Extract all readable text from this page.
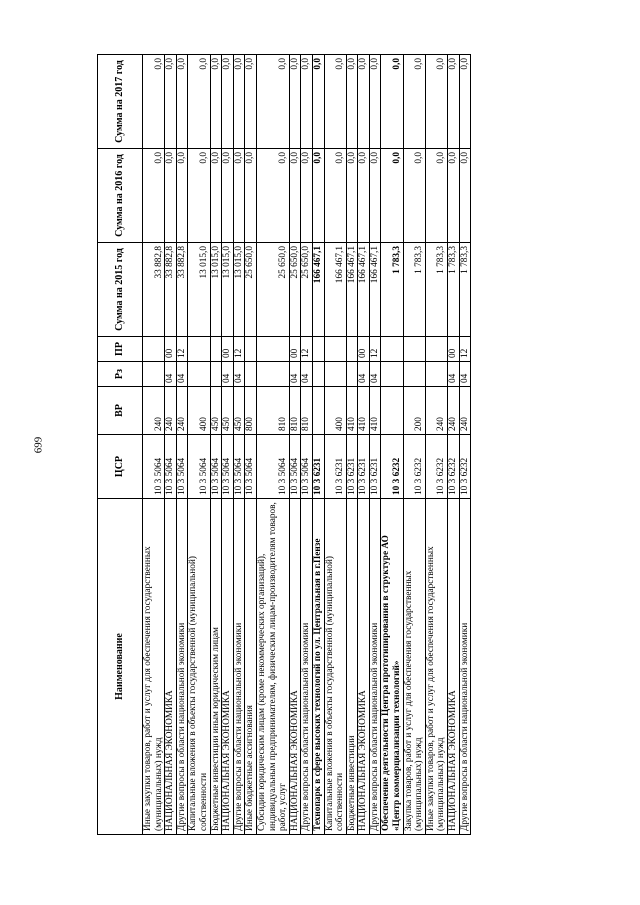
699
Наименование	ЦСР	ВР	Рз	ПР	Сумма на 2015 год	Сумма на 2016 год	Сумма на 2017 год
Иные закупки товаров, работ и услуг для обеспечения государственных (муниципальных) нужд	10 3 5064	240			33 882,8	0,0	0,0
НАЦИОНАЛЬНАЯ ЭКОНОМИКА	10 3 5064	240	04	00	33 882,8	0,0	0,0
Другие вопросы в области национальной экономики	10 3 5064	240	04	12	33 882,8	0,0	0,0
Капитальные вложения в объекты государственной (муниципальной) собственности	10 3 5064	400			13 015,0	0,0	0,0
Бюджетные инвестиции иным юридическим лицам	10 3 5064	450			13 015,0	0,0	0,0
НАЦИОНАЛЬНАЯ ЭКОНОМИКА	10 3 5064	450	04	00	13 015,0	0,0	0,0
Другие вопросы в области национальной экономики	10 3 5064	450	04	12	13 015,0	0,0	0,0
Иные бюджетные ассигнования	10 3 5064	800			25 650,0	0,0	0,0
Субсидии юридическим лицам (кроме некоммерческих организаций), индивидуальным предпринимателям, физическим лицам-производителям товаров, работ, услуг	10 3 5064	810			25 650,0	0,0	0,0
НАЦИОНАЛЬНАЯ ЭКОНОМИКА	10 3 5064	810	04	00	25 650,0	0,0	0,0
Другие вопросы в области национальной экономики	10 3 5064	810	04	12	25 650,0	0,0	0,0
Технопарк в сфере высоких технологий по ул. Центральная в г.Пензе	10 3 6231				166 467,1	0,0	0,0
Капитальные вложения в объекты государственной (муниципальной) собственности	10 3 6231	400			166 467,1	0,0	0,0
Бюджетные инвестиции	10 3 6231	410			166 467,1	0,0	0,0
НАЦИОНАЛЬНАЯ ЭКОНОМИКА	10 3 6231	410	04	00	166 467,1	0,0	0,0
Другие вопросы в области национальной экономики	10 3 6231	410	04	12	166 467,1	0,0	0,0
Обеспечение деятельности Центра прототипирования в структуре АО «Центр коммерциализации технологий»	10 3 6232				1 783,3	0,0	0,0
Закупка товаров, работ и услуг для обеспечения государственных (муниципальных) нужд	10 3 6232	200			1 783,3	0,0	0,0
Иные закупки товаров, работ и услуг для обеспечения государственных (муниципальных) нужд	10 3 6232	240			1 783,3	0,0	0,0
НАЦИОНАЛЬНАЯ ЭКОНОМИКА	10 3 6232	240	04	00	1 783,3	0,0	0,0
Другие вопросы в области национальной экономики	10 3 6232	240	04	12	1 783,3	0,0	0,0
